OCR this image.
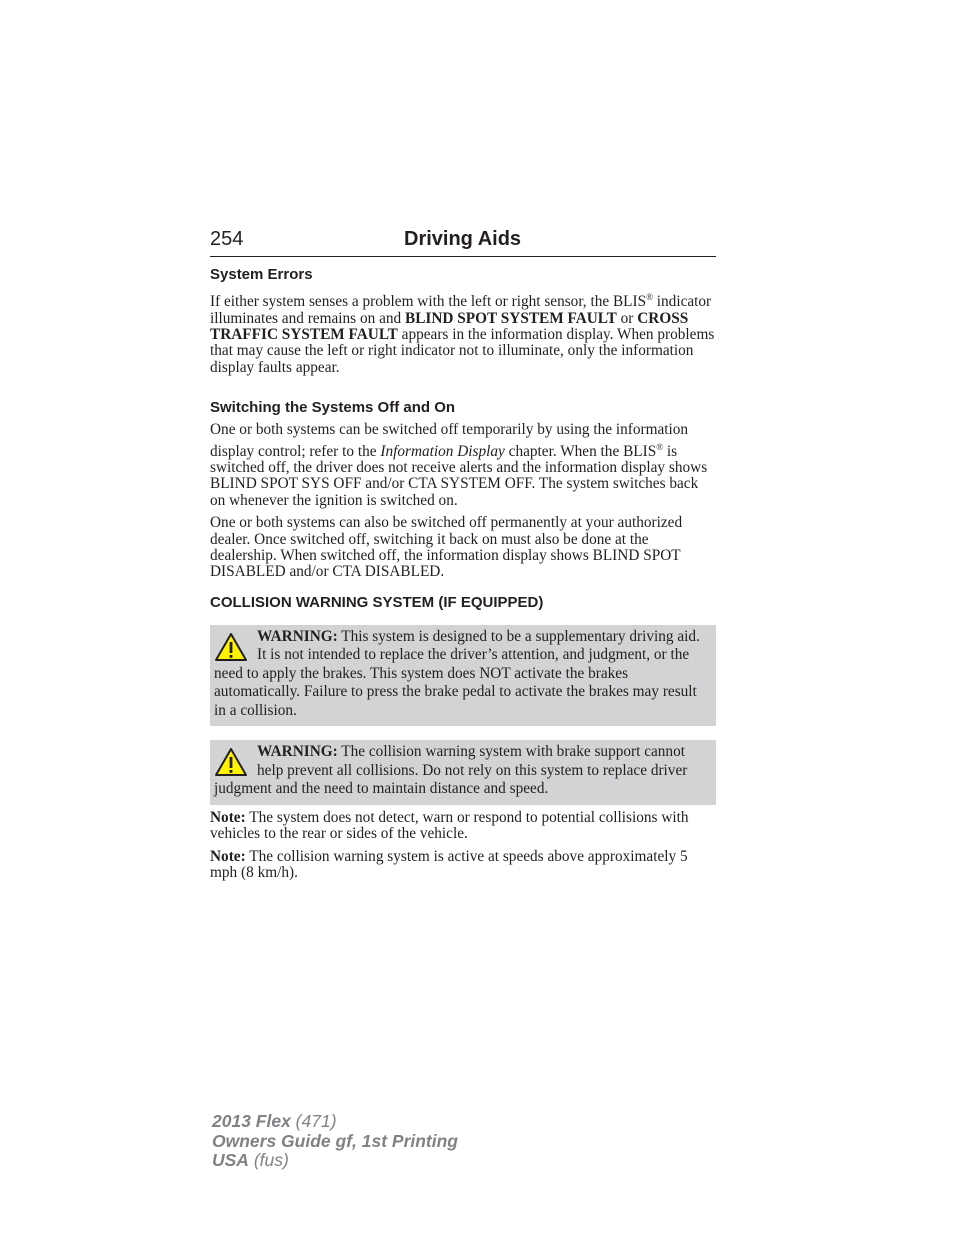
254	Driving Aids
System Errors

If either system senses a problem with the left or right sensor, the BLIS® indicator illuminates and remains on and BLIND SPOT SYSTEM FAULT or CROSS TRAFFIC SYSTEM FAULT appears in the information display. When problems that may cause the left or right indicator not to illuminate, only the information display faults appear.

Switching the Systems Off and On

One or both systems can be switched off temporarily by using the information display control; refer to the Information Display chapter. When the BLIS® is switched off, the driver does not receive alerts and the information display shows BLIND SPOT SYS OFF and/or CTA SYSTEM OFF. The system switches back on whenever the ignition is switched on.

One or both systems can also be switched off permanently at your authorized dealer. Once switched off, switching it back on must also be done at the dealership. When switched off, the information display shows BLIND SPOT DISABLED and/or CTA DISABLED.

COLLISION WARNING SYSTEM (IF EQUIPPED)

WARNING: This system is designed to be a supplementary driving aid. It is not intended to replace the driver’s attention, and judgment, or the need to apply the brakes. This system does NOT activate the brakes automatically. Failure to press the brake pedal to activate the brakes may result in a collision.

WARNING: The collision warning system with brake support cannot help prevent all collisions. Do not rely on this system to replace driver judgment and the need to maintain distance and speed.

Note: The system does not detect, warn or respond to potential collisions with vehicles to the rear or sides of the vehicle.

Note: The collision warning system is active at speeds above approximately 5 mph (8 km/h).

2013 Flex (471)
Owners Guide gf, 1st Printing
USA (fus)
